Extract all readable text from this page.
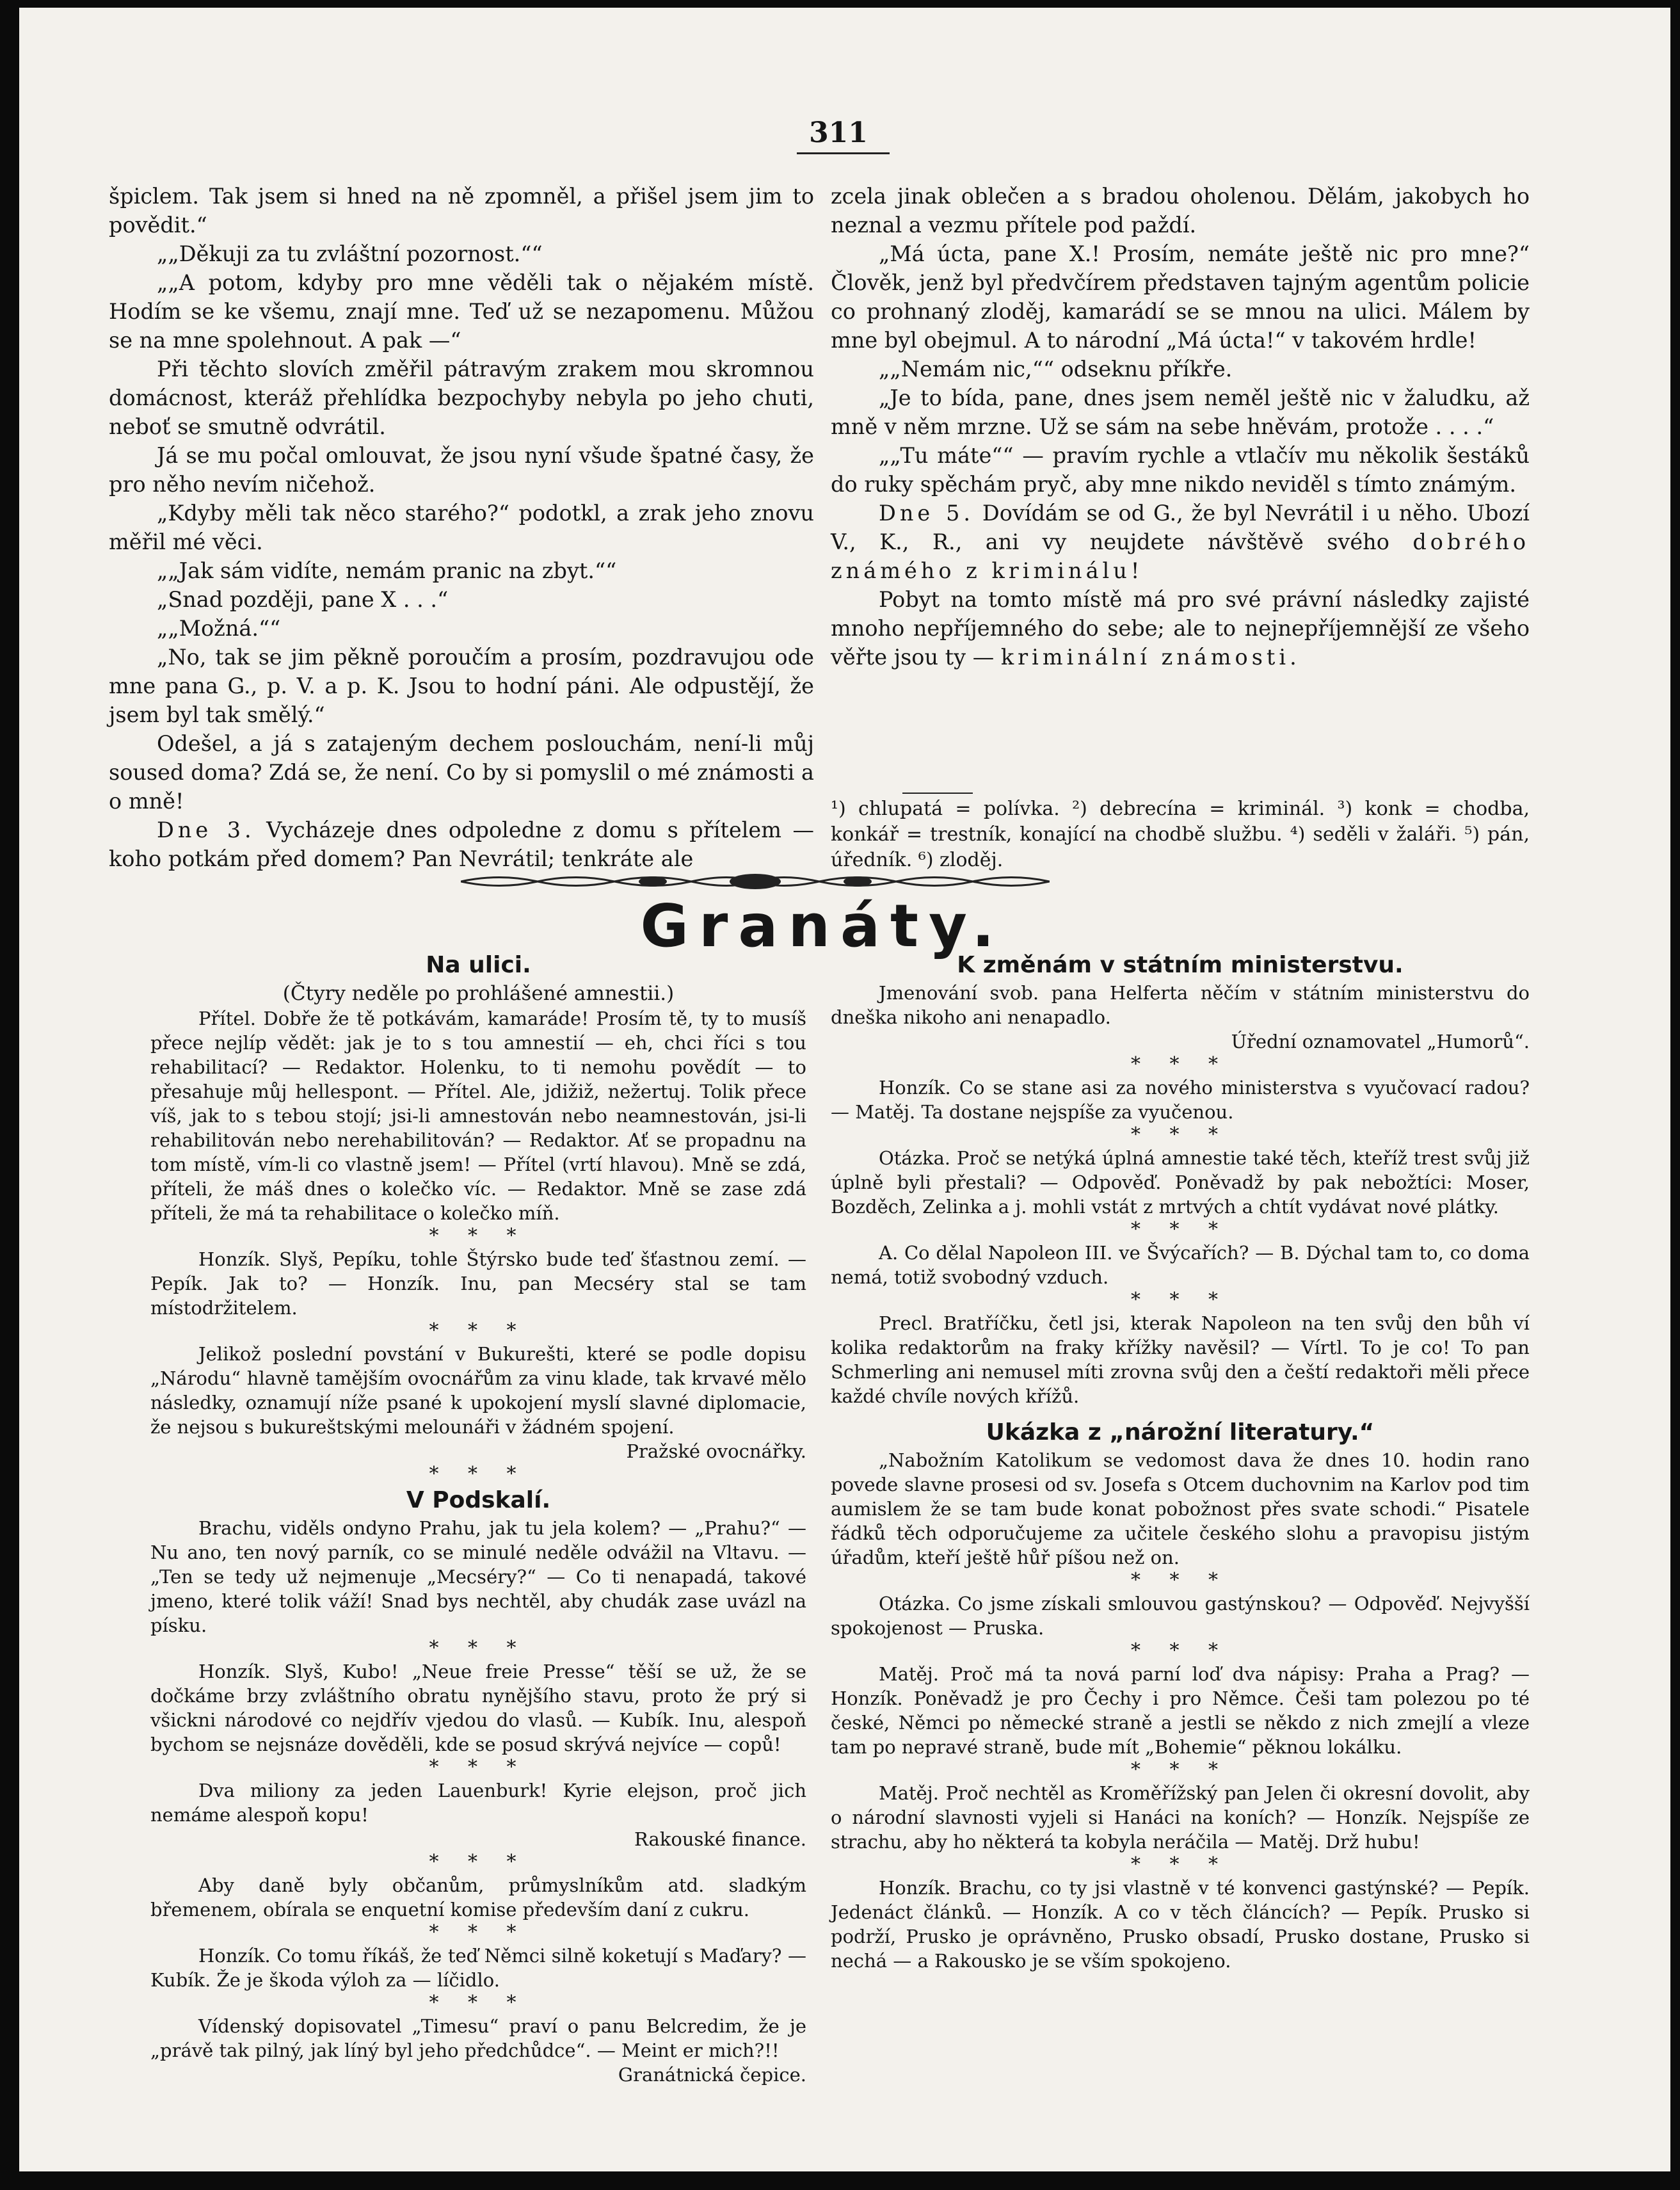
311

špiclem. Tak jsem si hned na ně zpomněl, a přišel jsem jim to povědit.“

„„Děkuji za tu zvláštní pozornost.““

„„A potom, kdyby pro mne věděli tak o nějakém místě. Hodím se ke všemu, znají mne. Teď už se nezapomenu. Můžou se na mne spolehnout. A pak —“

Při těchto slovích změřil pátravým zrakem mou skromnou domácnost, kteráž přehlídka bezpochyby nebyla po jeho chuti, neboť se smutně odvrátil.

Já se mu počal omlouvat, že jsou nyní všude špatné časy, že pro něho nevím ničehož.

„Kdyby měli tak něco starého?“ podotkl, a zrak jeho znovu měřil mé věci.

„„Jak sám vidíte, nemám pranic na zbyt.““

„Snad později, pane X . . .“

„„Možná.““

„No, tak se jim pěkně poroučím a prosím, pozdravujou ode mne pana G., p. V. a p. K. Jsou to hodní páni. Ale odpustějí, že jsem byl tak smělý.“

Odešel, a já s zatajeným dechem poslouchám, není-li můj soused doma? Zdá se, že není. Co by si pomyslil o mé známosti a o mně!

Dne 3. Vycházeje dnes odpoledne z domu s přítelem — koho potkám před domem? Pan Nevrátil; tenkráte ale

zcela jinak oblečen a s bradou oholenou. Dělám, jakobych ho neznal a vezmu přítele pod paždí.

„Má úcta, pane X.! Prosím, nemáte ještě nic pro mne?“ Člověk, jenž byl předvčírem představen tajným agentům policie co prohnaný zloděj, kamarádí se se mnou na ulici. Málem by mne byl obejmul. A to národní „Má úcta!“ v takovém hrdle!

„„Nemám nic,““ odseknu příkře.

„Je to bída, pane, dnes jsem neměl ještě nic v žaludku, až mně v něm mrzne. Už se sám na sebe hněvám, protože . . . .“

„„Tu máte““ — pravím rychle a vtlačív mu několik šestáků do ruky spěchám pryč, aby mne nikdo neviděl s tímto známým.

Dne 5. Dovídám se od G., že byl Nevrátil i u něho. Ubozí V., K., R., ani vy neujdete návštěvě svého dobrého známého z kriminálu!

Pobyt na tomto místě má pro své právní následky zajisté mnoho nepříjemného do sebe; ale to nejnepříjemnější ze všeho věřte jsou ty — kriminální známosti.

¹) chlupatá = polívka. ²) debrecína = kriminál. ³) konk = chodba, konkář = trestník, konající na chodbě službu. ⁴) seděli v žaláři. ⁵) pán, úředník. ⁶) zloděj.
Granáty.
Na ulici.
(Čtyry neděle po prohlášené amnestii.)

Přítel. Dobře že tě potkávám, kamaráde! Prosím tě, ty to musíš přece nejlíp vědět: jak je to s tou amnestií — eh, chci říci s tou rehabilitací? — Redaktor. Holenku, to ti nemohu povědít — to přesahuje můj hellespont. — Přítel. Ale, jdižiž, nežertuj. Tolik přece víš, jak to s tebou stojí; jsi-li amnestován nebo neamnestován, jsi-li rehabilitován nebo nerehabilitován? — Redaktor. Ať se propadnu na tom místě, vím-li co vlastně jsem! — Přítel (vrtí hlavou). Mně se zdá, příteli, že máš dnes o kolečko víc. — Redaktor. Mně se zase zdá příteli, že má ta rehabilitace o kolečko míň.

* * *

Honzík. Slyš, Pepíku, tohle Štýrsko bude teď šťastnou zemí. — Pepík. Jak to? — Honzík. Inu, pan Mecséry stal se tam místodržitelem.

* * *

Jelikož poslední povstání v Bukurešti, které se podle dopisu „Národu“ hlavně tamějším ovocnářům za vinu klade, tak krvavé mělo následky, oznamují níže psané k upokojení myslí slavné diplomacie, že nejsou s bukureštskými melounáři v žádném spojení.

Pražské ovocnářky.

* * *
V Podskalí.

Brachu, viděls ondyno Prahu, jak tu jela kolem? — „Prahu?“ — Nu ano, ten nový parník, co se minulé neděle odvážil na Vltavu. — „Ten se tedy už nejmenuje „Mecséry?“ — Co ti nenapadá, takové jmeno, které tolik váží! Snad bys nechtěl, aby chudák zase uvázl na písku.

* * *

Honzík. Slyš, Kubo! „Neue freie Presse“ těší se už, že se dočkáme brzy zvláštního obratu nynějšího stavu, proto že prý si všickni národové co nejdřív vjedou do vlasů. — Kubík. Inu, alespoň bychom se nejsnáze dověděli, kde se posud skrývá nejvíce — copů!

* * *

Dva miliony za jeden Lauenburk! Kyrie elejson, proč jich nemáme alespoň kopu!

Rakouské finance.

* * *

Aby daně byly občanům, průmyslníkům atd. sladkým břemenem, obírala se enquetní komise především daní z cukru.

* * *

Honzík. Co tomu říkáš, že teď Němci silně koketují s Maďary? — Kubík. Že je škoda výloh za — líčidlo.

* * *

Vídenský dopisovatel „Timesu“ praví o panu Belcredim, že je „právě tak pilný, jak líný byl jeho předchůdce“. — Meint er mich?!!

Granátnická čepice.

K změnám v státním ministerstvu.

Jmenování svob. pana Helferta něčím v státním ministerstvu do dneška nikoho ani nenapadlo.

Úřední oznamovatel „Humorů“.

* * *

Honzík. Co se stane asi za nového ministerstva s vyučovací radou? — Matěj. Ta dostane nejspíše za vyučenou.

* * *

Otázka. Proč se netýká úplná amnestie také těch, kteříž trest svůj již úplně byli přestali? — Odpověď. Poněvadž by pak nebožtíci: Moser, Bozděch, Zelinka a j. mohli vstát z mrtvých a chtít vydávat nové plátky.

* * *

A. Co dělal Napoleon III. ve Švýcařích? — B. Dýchal tam to, co doma nemá, totiž svobodný vzduch.

* * *

Precl. Bratříčku, četl jsi, kterak Napoleon na ten svůj den bůh ví kolika redaktorům na fraky křížky navěsil? — Vírtl. To je co! To pan Schmerling ani nemusel míti zrovna svůj den a čeští redaktoři měli přece každé chvíle nových křížů.

Ukázka z „nárožní literatury.“

„Nabožním Katolikum se vedomost dava že dnes 10. hodin rano povede slavne prosesi od sv. Josefa s Otcem duchovnim na Karlov pod tim aumislem že se tam bude konat pobožnost přes svate schodi.“ Pisatele řádků těch odporučujeme za učitele českého slohu a pravopisu jistým úřadům, kteří ještě hůř píšou než on.

* * *

Otázka. Co jsme získali smlouvou gastýnskou? — Odpověď. Nejvyšší spokojenost — Pruska.

* * *

Matěj. Proč má ta nová parní loď dva nápisy: Praha a Prag? — Honzík. Poněvadž je pro Čechy i pro Němce. Češi tam polezou po té české, Němci po německé straně a jestli se někdo z nich zmejlí a vleze tam po nepravé straně, bude mít „Bohemie“ pěknou lokálku.

* * *

Matěj. Proč nechtěl as Kroměřížský pan Jelen či okresní dovolit, aby o národní slavnosti vyjeli si Hanáci na koních? — Honzík. Nejspíše ze strachu, aby ho některá ta kobyla neráčila — Matěj. Drž hubu!

* * *

Honzík. Brachu, co ty jsi vlastně v té konvenci gastýnské? — Pepík. Jedenáct článků. — Honzík. A co v těch článcích? — Pepík. Prusko si podrží, Prusko je oprávněno, Prusko obsadí, Prusko dostane, Prusko si nechá — a Rakousko je se vším spokojeno.
